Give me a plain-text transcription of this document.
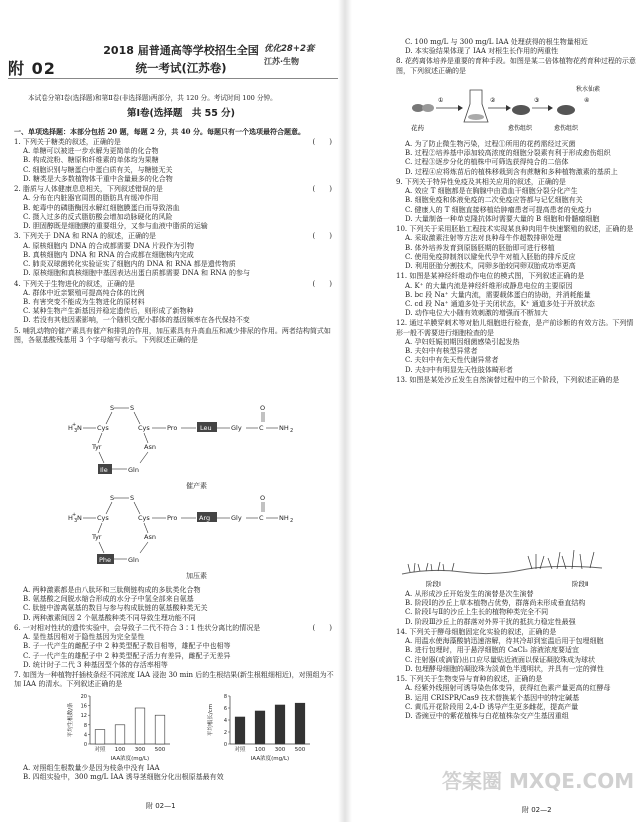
附 02
2018 届普通高等学校招生全国
统一考试(江苏卷)
优化28+2套
江苏·生物
本试卷分第Ⅰ卷(选择题)和第Ⅱ卷(非选择题)两部分，共 120 分。考试时间 100 分钟。
第Ⅰ卷(选择题　共 55 分)
一、单项选择题：本部分包括 20 题，每题 2 分，共 40 分。每题只有一个选项最符合题意。
1. 下列关于糖类的叙述，正确的是	(　　)
A. 单糖可以被进一步水解为更简单的化合物
B. 构成淀粉、糖原和纤维素的单体均为果糖
C. 细胞识别与糖蛋白中蛋白质有关，与糖链无关
D. 糖类是大多数植物体干重中含量最多的化合物
2. 脂质与人体健康息息相关，下列叙述错误的是	(　　)
A. 分布在内脏器官周围的脂肪具有缓冲作用
B. 蛇毒中的磷脂酶因水解红细胞膜蛋白而导致溶血
C. 摄入过多的反式脂肪酸会增加动脉硬化的风险
D. 胆固醇既是细胞膜的重要组分，又参与血液中脂质的运输
3. 下列关于 DNA 和 RNA 的叙述，正确的是	(　　)
A. 原核细胞内 DNA 的合成都需要 DNA 片段作为引物
B. 真核细胞内 DNA 和 RNA 的合成都在细胞核内完成
C. 肺炎双球菌转化实验证实了细胞内的 DNA 和 RNA 都是遗传物质
D. 原核细胞和真核细胞中基因表达出蛋白质都需要 DNA 和 RNA 的参与
4. 下列关于生物进化的叙述，正确的是	(　　)
A. 群体中近亲繁殖可提高纯合体的比例
B. 有害突变不能成为生物进化的原材料
C. 某种生物产生新基因并稳定遗传后，则形成了新物种
D. 若没有其他因素影响，一个随机交配小群体的基因频率在各代保持不变
5. 哺乳动物的催产素具有催产和排乳的作用，加压素具有升高血压和减少排尿的作用。两者结构简式如图，各氨基酸残基用 3 个字母缩写表示。下列叙述正确的是
S S
H +
3 N Cys	Cys	Pro	Leu	Gly	C NH 2
O
Tyr	Asn
Ile	Gln
催产素
S S
H +
3 N Cys	Cys	Pro	Arg	Gly	C NH 2
O
Tyr	Asn
Phe	Gln
加压素
A. 两种激素都是由八肽环和三肽侧链构成的多肽类化合物
B. 氨基酸之间脱水缩合形成的水分子中氢全部来自氨基
C. 肽链中游离氨基的数目与参与构成肽链的氨基酸种类无关
D. 两种激素间因 2 个氨基酸种类不同导致生理功能不同
6. 一对相对性状的遗传实验中，会导致子二代不符合 3∶1 性状分离比的情况是	(　　)
A. 显性基因相对于隐性基因为完全显性
B. 子一代产生的雌配子中 2 种类型配子数目相等，雄配子中也相等
C. 子一代产生的雄配子中 2 种类型配子活力有差异，雌配子无差异
D. 统计时子二代 3 种基因型个体的存活率相等
7. 如图为一种植物扦插枝条经不同浓度 IAA 浸泡 30 min 后的生根结果(新生根粗细相近)，对照组为不加 IAA 的清水。下列叙述正确的是
0
4
8
12
16
20
平均生根数/条
对照 100 300 500
IAA浓度(mg/L)
0
2
4
6
8
平均根长/cm
对照 100 300 500
IAA浓度(mg/L)
A. 对照组生根数量少是因为枝条中没有 IAA
B. 四组实验中，300 mg/L IAA 诱导茎细胞分化出根原基最有效
附 02—1
C. 100 mg/L 与 300 mg/L IAA 处理获得的根生物量相近
D. 本实验结果体现了 IAA 对根生长作用的两重性
8. 花药离体培养是重要的育种手段。如图是某二倍体植物花药育种过程的示意图，下列叙述正确的是
花药
①	②
愈伤组织
③
愈伤组织
秋水仙素
④
A. 为了防止微生物污染，过程①所用的花药需经过灭菌
B. 过程②培养基中添加较高浓度的细胞分裂素有利于形成愈伤组织
C. 过程③逐步分化的植株中可筛选获得纯合的二倍体
D. 过程④应将炼苗后的植株移栽到含有蔗糖和多种植物激素的基质上
9. 下列关于特异性免疫及其相关应用的叙述，正确的是
A. 效应 T 细胞都是在胸腺中由造血干细胞分裂分化产生
B. 细胞免疫和体液免疫的二次免疫应答都与记忆细胞有关
C. 健康人的 T 细胞直接移植给肿瘤患者可提高患者的免疫力
D. 大量制备一种单克隆抗体时需要大量的 B 细胞和骨髓瘤细胞
10. 下列关于采用胚胎工程技术实现某良种肉用牛快速繁殖的叙述，正确的是
A. 采取激素注射等方法对良种母牛作超数排卵处理
B. 体外培养发育到原肠胚期的胚胎即可进行移植
C. 使用免疫抑制剂以避免代孕牛对植入胚胎的排斥反应
D. 利用胚胎分割技术，同卵多胎较同卵双胎成功率更高
11. 如图是某神经纤维动作电位的模式图，下列叙述正确的是
A. K⁺ 的大量内流是神经纤维形成静息电位的主要原因
B. bc 段 Na⁺ 大量内流，需要载体蛋白的协助，并消耗能量
C. cd 段 Na⁺ 通道多处于关闭状态，K⁺ 通道多处于开放状态
D. 动作电位大小随有效刺激的增强而不断加大
12. 通过羊膜穿刺术等对胎儿细胞进行检查，是产前诊断的有效方法。下列情形一般不需要进行细胞检查的是
A. 孕妇妊娠初期因细菌感染引起发热
B. 夫妇中有核型异常者
C. 夫妇中有先天性代谢异常者
D. 夫妇中有明显先天性肢体畸形者
13. 如图是某处沙丘发生自然演替过程中的三个阶段，下列叙述正确的是
阶段Ⅰ	阶段Ⅱ
A. 从形成沙丘开始发生的演替是次生演替
B. 阶段Ⅰ的沙丘上草本植物占优势，群落尚未形成垂直结构
C. 阶段Ⅰ与Ⅱ的沙丘上生长的植物种类完全不同
D. 阶段Ⅲ沙丘上的群落对外界干扰的抵抗力稳定性最强
14. 下列关于酵母细胞固定化实验的叙述，正确的是
A. 用温水使海藻酸钠迅速溶解，待其冷却到室温后用于包埋细胞
B. 进行包埋时，用于悬浮细胞的 CaCl₂ 溶液浓度要适宜
C. 注射器(或滴管)出口应尽量贴近液面以保证凝胶珠成为球状
D. 包埋酵母细胞的凝胶珠为淡黄色半透明状，并具有一定的弹性
15. 下列关于生物变异与育种的叙述，正确的是
A. 经紫外线照射可诱导染色体变异，获得红色素产量更高的红酵母
B. 运用 CRISPR/Cas9 技术替换某个基因中的特定碱基
C. 黄瓜开花阶段用 2,4-D 诱导产生更多雌花，提高产量
D. 香豌豆中的紫花植株与白花植株杂交产生基因重组
附 02—2
答案圈 MXQE.COM
